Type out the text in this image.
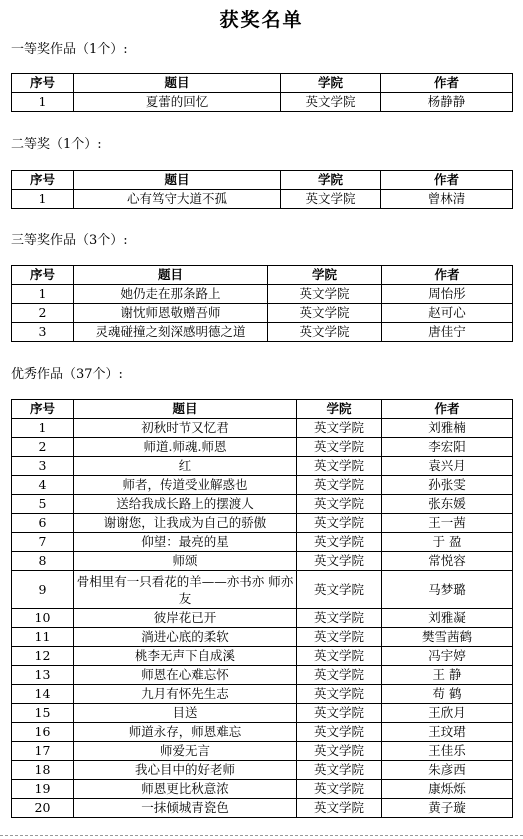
获奖名单
一等奖作品（1个）:
序号	题目	学院	作者
1	夏蕾的回忆	英文学院	杨静静
二等奖（1个）:
序号	题目	学院	作者
1	心有笃守大道不孤	英文学院	曾林清
三等奖作品（3个）:
序号	题目	学院	作者
1	她仍走在那条路上	英文学院	周怡彤
2	谢忱师恩敬赠吾师	英文学院	赵可心
3	灵魂碰撞之刻深感明德之道	英文学院	唐佳宁
优秀作品（37个）:
序号	题目	学院	作者
1	初秋时节又忆君	英文学院	刘雅楠
2	师道.师魂.师恩	英文学院	李宏阳
3	红	英文学院	袁兴月
4	师者，传道受业解惑也	英文学院	孙张雯
5	送给我成长路上的摆渡人	英文学院	张东媛
6	谢谢您，让我成为自己的骄傲	英文学院	王一茜
7	仰望：最亮的星	英文学院	于 盈
8	师颂	英文学院	常悦容
9	骨相里有一只看花的羊——亦书亦 师亦友	英文学院	马梦璐
10	彼岸花已开	英文学院	刘雅凝
11	淌进心底的柔软	英文学院	樊雪茜鹤
12	桃李无声下自成溪	英文学院	冯宇婷
13	师恩在心难忘怀	英文学院	王 静
14	九月有怀先生志	英文学院	苟 鹤
15	目送	英文学院	王欣月
16	师道永存，师恩难忘	英文学院	王玟珺
17	师爱无言	英文学院	王佳乐
18	我心目中的好老师	英文学院	朱彦西
19	师恩更比秋意浓	英文学院	康烁烁
20	一抹倾城青瓷色	英文学院	黄子璇
